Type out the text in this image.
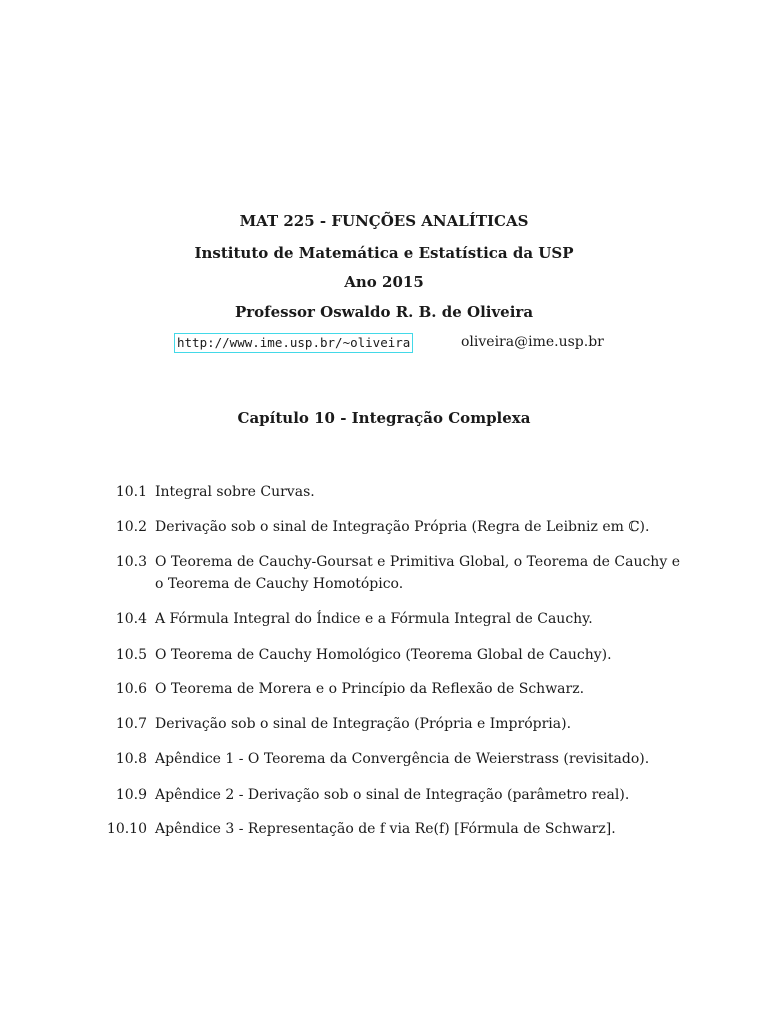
MAT 225 - FUNÇÕES ANALÍTICAS
Instituto de Matemática e Estatística da USP
Ano 2015
Professor Oswaldo R. B. de Oliveira
http://www.ime.usp.br/~oliveira	oliveira@ime.usp.br
Capítulo 10 - Integração Complexa
10.1 Integral sobre Curvas.
10.2 Derivação sob o sinal de Integração Própria (Regra de Leibniz em ℂ).
10.3 O Teorema de Cauchy-Goursat e Primitiva Global, o Teorema de Cauchy e
o Teorema de Cauchy Homotópico.
10.4 A Fórmula Integral do Índice e a Fórmula Integral de Cauchy.
10.5 O Teorema de Cauchy Homológico (Teorema Global de Cauchy).
10.6 O Teorema de Morera e o Princípio da Reflexão de Schwarz.
10.7 Derivação sob o sinal de Integração (Própria e Imprópria).
10.8 Apêndice 1 - O Teorema da Convergência de Weierstrass (revisitado).
10.9 Apêndice 2 - Derivação sob o sinal de Integração (parâmetro real).
10.10 Apêndice 3 - Representação de f via Re(f) [Fórmula de Schwarz].
